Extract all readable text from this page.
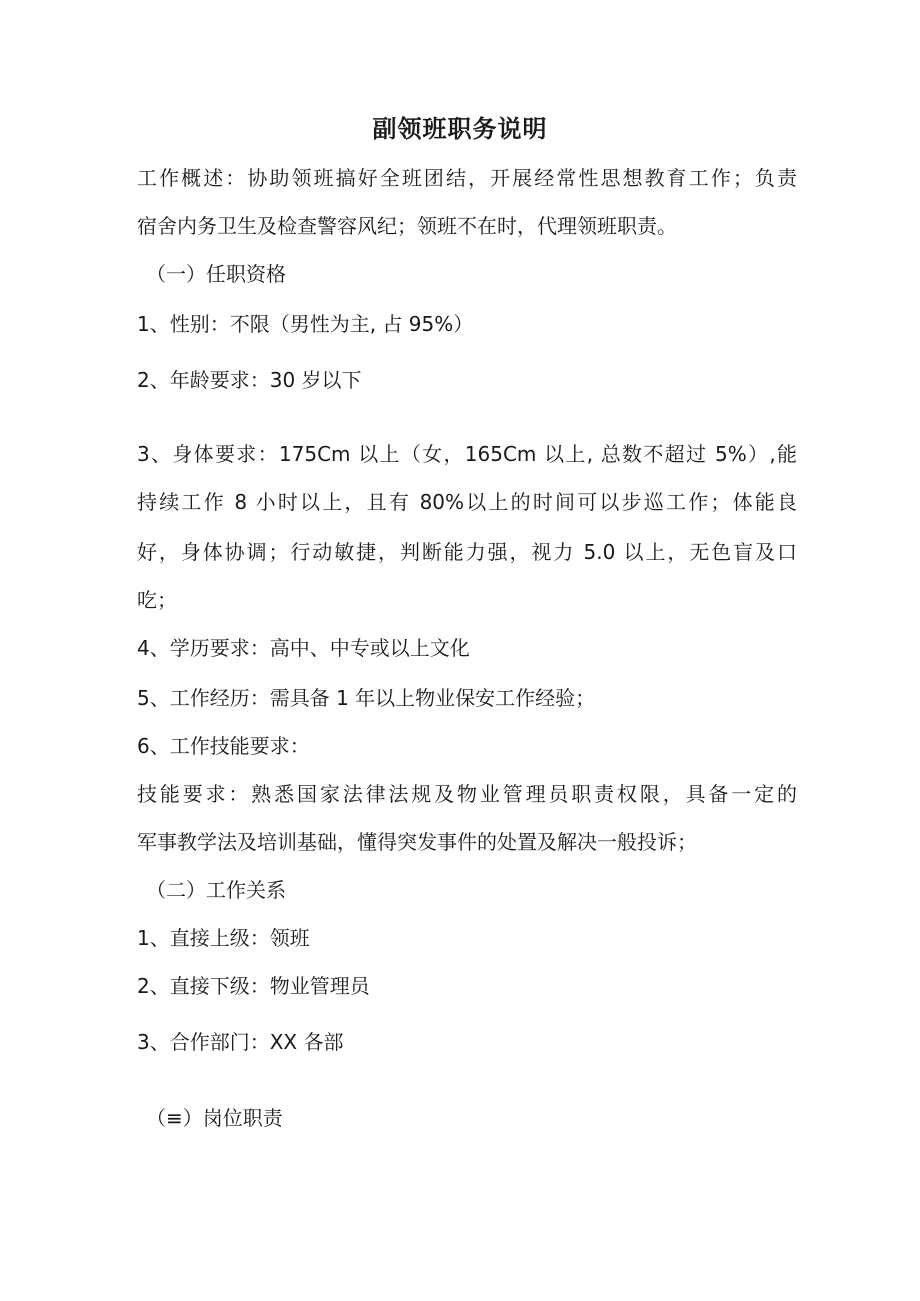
副领班职务说明
工作概述：协助领班搞好全班团结，开展经常性思想教育工作；负责
宿舍内务卫生及检查警容风纪；领班不在时，代理领班职责。
（一）任职资格
1、性别：不限（男性为主, 占 95%）
2、年龄要求：30 岁以下
3、身体要求：175Cm 以上（女，165Cm 以上, 总数不超过 5%）,能
持续工作 8 小时以上，且有 80%以上的时间可以步巡工作；体能良
好，身体协调；行动敏捷，判断能力强，视力 5.0 以上，无色盲及口
吃；
4、学历要求：高中、中专或以上文化
5、工作经历：需具备 1 年以上物业保安工作经验；
6、工作技能要求：
技能要求：熟悉国家法律法规及物业管理员职责权限，具备一定的
军事教学法及培训基础，懂得突发事件的处置及解决一般投诉；
（二）工作关系
1、直接上级：领班
2、直接下级：物业管理员
3、合作部门：XX 各部
（≡）岗位职责
